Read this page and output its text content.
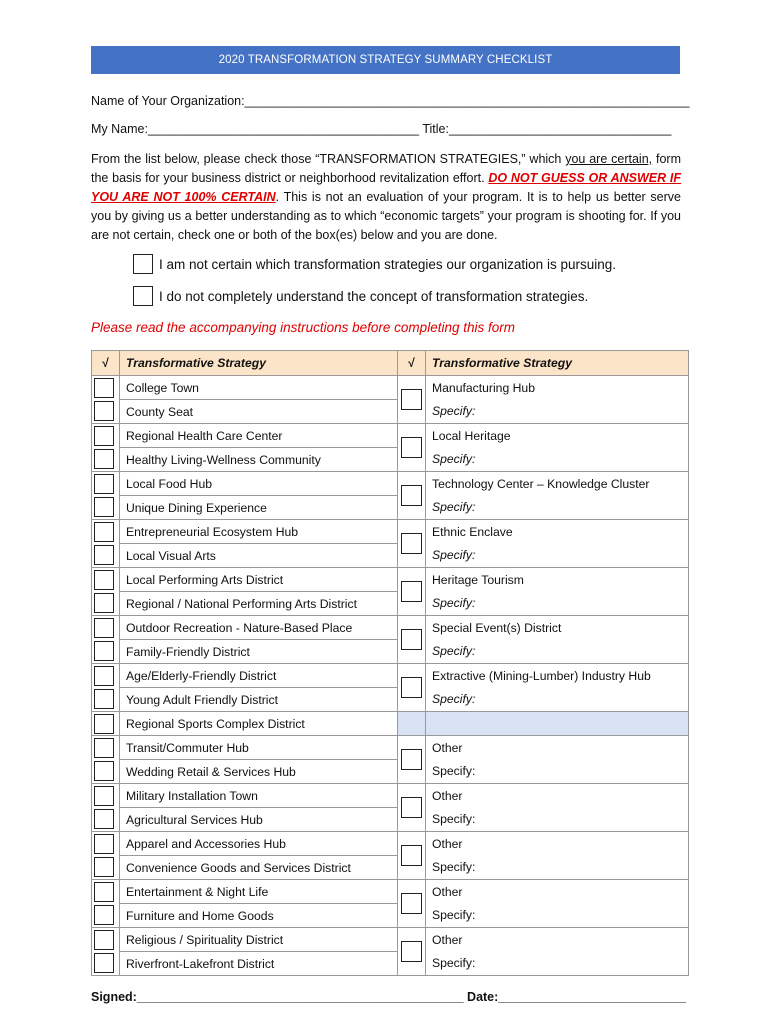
2020 TRANSFORMATION STRATEGY SUMMARY CHECKLIST
Name of Your Organization:________________________________________________________________
My Name:_______________________________________ Title:________________________________
From the list below, please check those “TRANSFORMATION STRATEGIES,” which you are certain, form the basis for your business district or neighborhood revitalization effort. DO NOT GUESS OR ANSWER IF YOU ARE NOT 100% CERTAIN. This is not an evaluation of your program. It is to help us better serve you by giving us a better understanding as to which “economic targets” your program is shooting for. If you are not certain, check one or both of the box(es) below and you are done.
I am not certain which transformation strategies our organization is pursuing.
I do not completely understand the concept of transformation strategies.
Please read the accompanying instructions before completing this form
√	Transformative Strategy	√	Transformative Strategy

	College Town		Manufacturing Hub

	County Seat		Specify:

	Regional Health Care Center		Local Heritage

	Healthy Living-Wellness Community		Specify:

	Local Food Hub		Technology Center – Knowledge Cluster

	Unique Dining Experience		Specify:

	Entrepreneurial Ecosystem Hub		Ethnic Enclave

	Local Visual Arts		Specify:

	Local Performing Arts District		Heritage Tourism

	Regional / National Performing Arts District		Specify:

	Outdoor Recreation - Nature-Based Place		Special Event(s) District

	Family-Friendly District		Specify:

	Age/Elderly-Friendly District		Extractive (Mining-Lumber) Industry Hub

	Young Adult Friendly District		Specify:

	Regional Sports Complex District		

	Transit/Commuter Hub		Other

	Wedding Retail & Services Hub		Specify:

	Military Installation Town		Other

	Agricultural Services Hub		Specify:

	Apparel and Accessories Hub		Other

	Convenience Goods and Services District		Specify:

	Entertainment & Night Life		Other

	Furniture and Home Goods		Specify:

	Religious / Spirituality District		Other

	Riverfront-Lakefront District		Specify:
Signed:_______________________________________________ Date:___________________________
